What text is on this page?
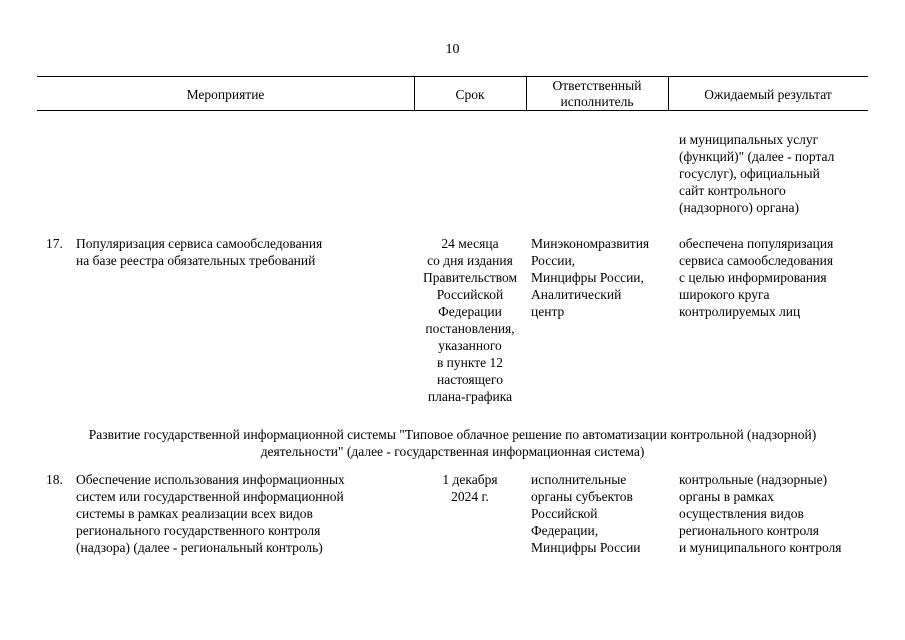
10
Мероприятие	Срок
Ответственный
исполнитель	Ожидаемый результат
и муниципальных услуг
(функций)" (далее - портал
госуслуг), официальный
сайт контрольного
(надзорного) органа)
17. Популяризация сервиса самообследования
на базе реестра обязательных требований
24 месяца
со дня издания
Правительством
Российской
Федерации
постановления,
указанного
в пункте 12
настоящего
плана-графика
Минэкономразвития
России,
Минцифры России,
Аналитический
центр
обеспечена популяризация
сервиса самообследования
с целью информирования
широкого круга
контролируемых лиц
Развитие государственной информационной системы "Типовое облачное решение по автоматизации контрольной (надзорной)
деятельности" (далее - государственная информационная система)
18. Обеспечение использования информационных
систем или государственной информационной
системы в рамках реализации всех видов
регионального государственного контроля
(надзора) (далее - региональный контроль)
1 декабря
2024 г.
исполнительные
органы субъектов
Российской
Федерации,
Минцифры России
контрольные (надзорные)
органы в рамках
осуществления видов
регионального контроля
и муниципального контроля
